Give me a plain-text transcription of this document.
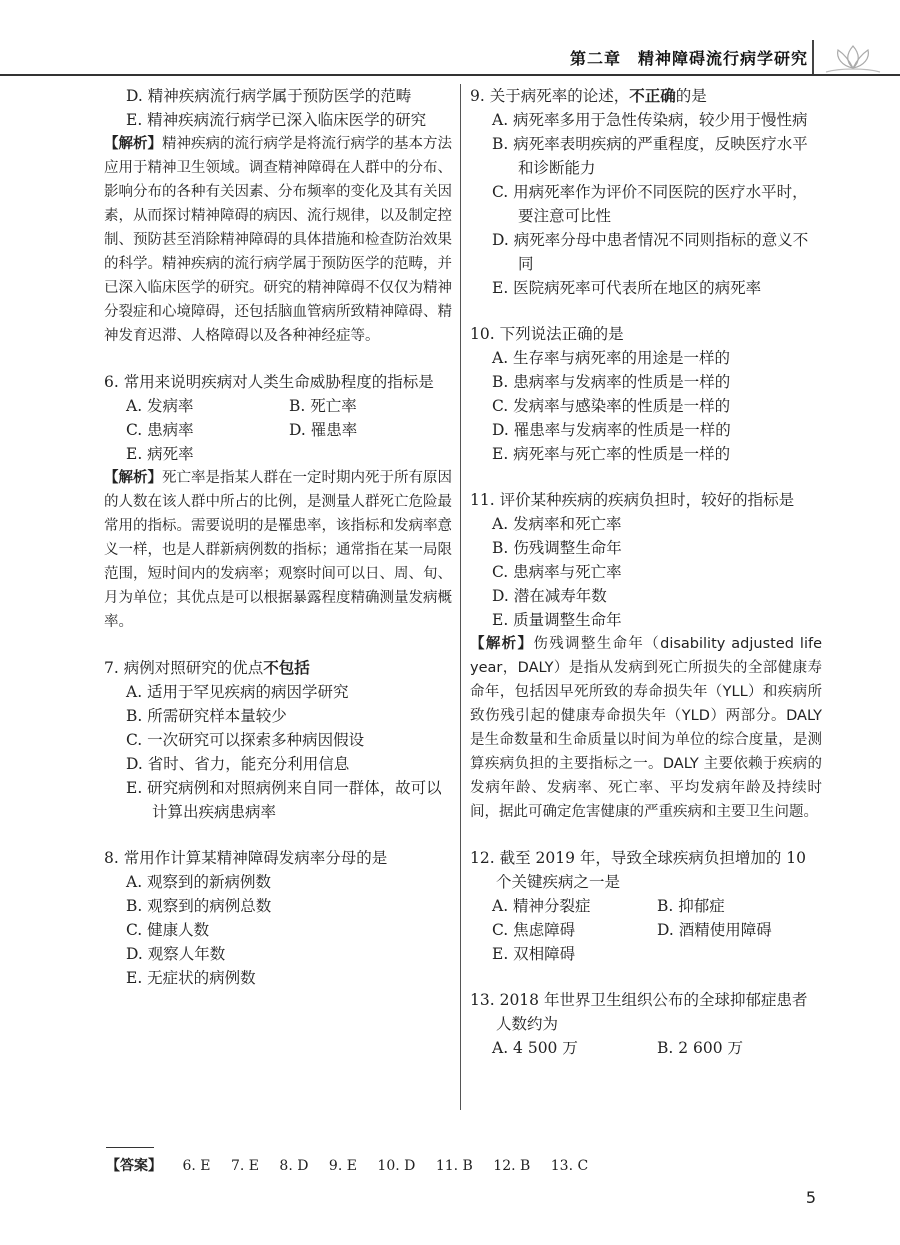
第二章　精神障碍流行病学研究
D. 精神疾病流行病学属于预防医学的范畴
E. 精神疾病流行病学已深入临床医学的研究
【解析】精神疾病的流行病学是将流行病学的基本方法应用于精神卫生领域。调查精神障碍在人群中的分布、影响分布的各种有关因素、分布频率的变化及其有关因素，从而探讨精神障碍的病因、流行规律，以及制定控制、预防甚至消除精神障碍的具体措施和检查防治效果的科学。精神疾病的流行病学属于预防医学的范畴，并已深入临床医学的研究。研究的精神障碍不仅仅为精神分裂症和心境障碍，还包括脑血管病所致精神障碍、精神发育迟滞、人格障碍以及各种神经症等。
6. 常用来说明疾病对人类生命威胁程度的指标是
A. 发病率	B. 死亡率
C. 患病率	D. 罹患率
E. 病死率
【解析】死亡率是指某人群在一定时期内死于所有原因的人数在该人群中所占的比例，是测量人群死亡危险最常用的指标。需要说明的是罹患率，该指标和发病率意义一样，也是人群新病例数的指标；通常指在某一局限范围，短时间内的发病率；观察时间可以日、周、旬、月为单位；其优点是可以根据暴露程度精确测量发病概率。
7. 病例对照研究的优点不包括
A. 适用于罕见疾病的病因学研究
B. 所需研究样本量较少
C. 一次研究可以探索多种病因假设
D. 省时、省力，能充分利用信息
E. 研究病例和对照病例来自同一群体，故可以计算出疾病患病率
8. 常用作计算某精神障碍发病率分母的是
A. 观察到的新病例数
B. 观察到的病例总数
C. 健康人数
D. 观察人年数
E. 无症状的病例数
9. 关于病死率的论述，不正确的是
A. 病死率多用于急性传染病，较少用于慢性病
B. 病死率表明疾病的严重程度，反映医疗水平和诊断能力
C. 用病死率作为评价不同医院的医疗水平时，要注意可比性
D. 病死率分母中患者情况不同则指标的意义不同
E. 医院病死率可代表所在地区的病死率
10. 下列说法正确的是
A. 生存率与病死率的用途是一样的
B. 患病率与发病率的性质是一样的
C. 发病率与感染率的性质是一样的
D. 罹患率与发病率的性质是一样的
E. 病死率与死亡率的性质是一样的
11. 评价某种疾病的疾病负担时，较好的指标是
A. 发病率和死亡率
B. 伤残调整生命年
C. 患病率与死亡率
D. 潜在减寿年数
E. 质量调整生命年
【解析】伤残调整生命年（disability adjusted life year，DALY）是指从发病到死亡所损失的全部健康寿命年，包括因早死所致的寿命损失年（YLL）和疾病所致伤残引起的健康寿命损失年（YLD）两部分。DALY 是生命数量和生命质量以时间为单位的综合度量，是测算疾病负担的主要指标之一。DALY 主要依赖于疾病的发病年龄、发病率、死亡率、平均发病年龄及持续时间，据此可确定危害健康的严重疾病和主要卫生问题。
12. 截至 2019 年，导致全球疾病负担增加的 10 个关键疾病之一是
A. 精神分裂症	B. 抑郁症
C. 焦虑障碍	D. 酒精使用障碍
E. 双相障碍
13. 2018 年世界卫生组织公布的全球抑郁症患者人数约为
A. 4 500 万	B. 2 600 万
【答案】 6. E 7. E 8. D 9. E 10. D 11. B 12. B 13. C
5
